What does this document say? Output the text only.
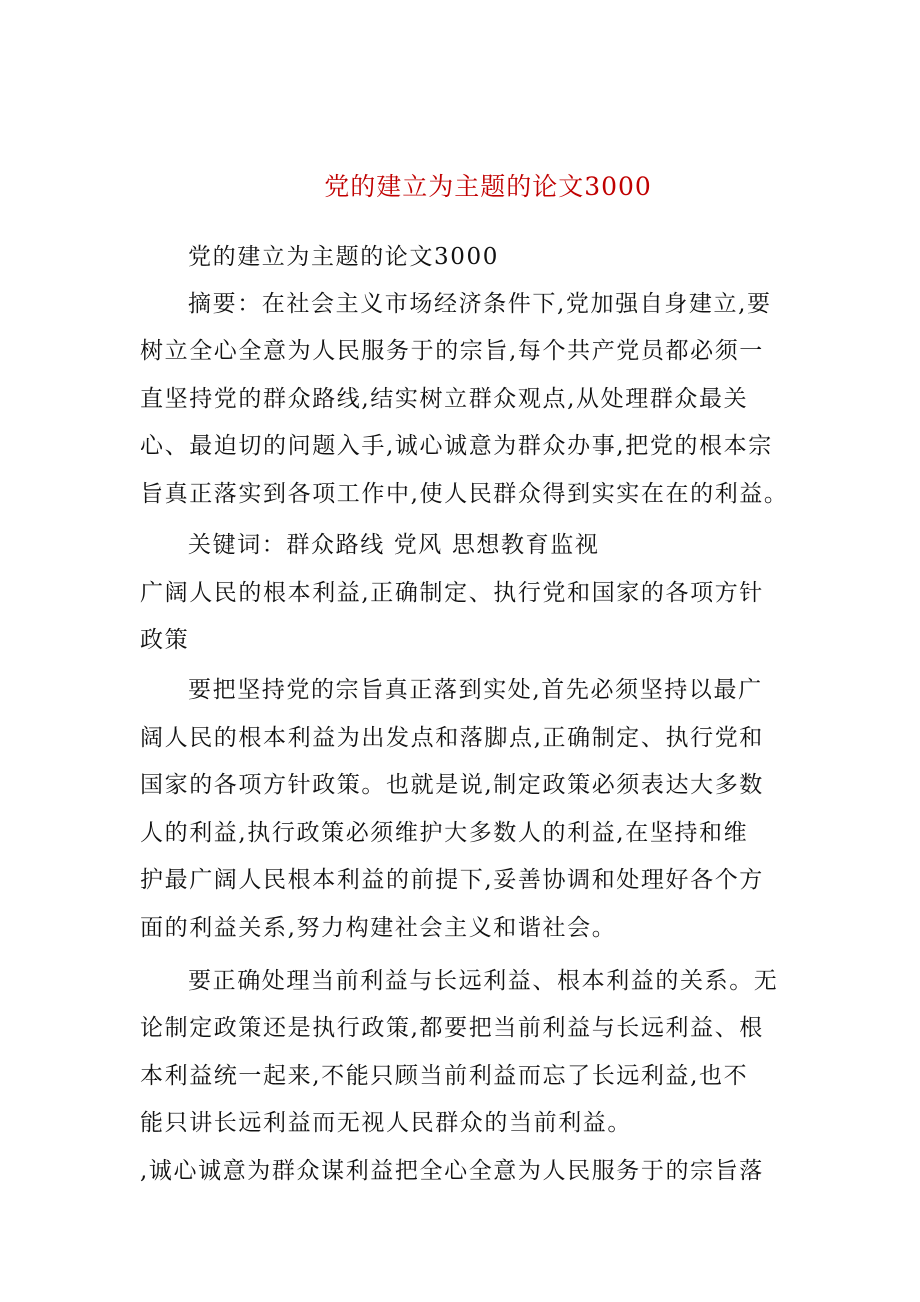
党的建立为主题的论文3000
党的建立为主题的论文3000
摘要：在社会主义市场经济条件下,党加强自身建立,要
树立全心全意为人民服务于的宗旨,每个共产党员都必须一
直坚持党的群众路线,结实树立群众观点,从处理群众最关
心、最迫切的问题入手,诚心诚意为群众办事,把党的根本宗
旨真正落实到各项工作中,使人民群众得到实实在在的利益。
关键词：群众路线 党风 思想教育监视
广阔人民的根本利益,正确制定、执行党和国家的各项方针
政策
要把坚持党的宗旨真正落到实处,首先必须坚持以最广
阔人民的根本利益为出发点和落脚点,正确制定、执行党和
国家的各项方针政策。也就是说,制定政策必须表达大多数
人的利益,执行政策必须维护大多数人的利益,在坚持和维
护最广阔人民根本利益的前提下,妥善协调和处理好各个方
面的利益关系,努力构建社会主义和谐社会。
要正确处理当前利益与长远利益、根本利益的关系。无
论制定政策还是执行政策,都要把当前利益与长远利益、根
本利益统一起来,不能只顾当前利益而忘了长远利益,也不
能只讲长远利益而无视人民群众的当前利益。
,诚心诚意为群众谋利益把全心全意为人民服务于的宗旨落
